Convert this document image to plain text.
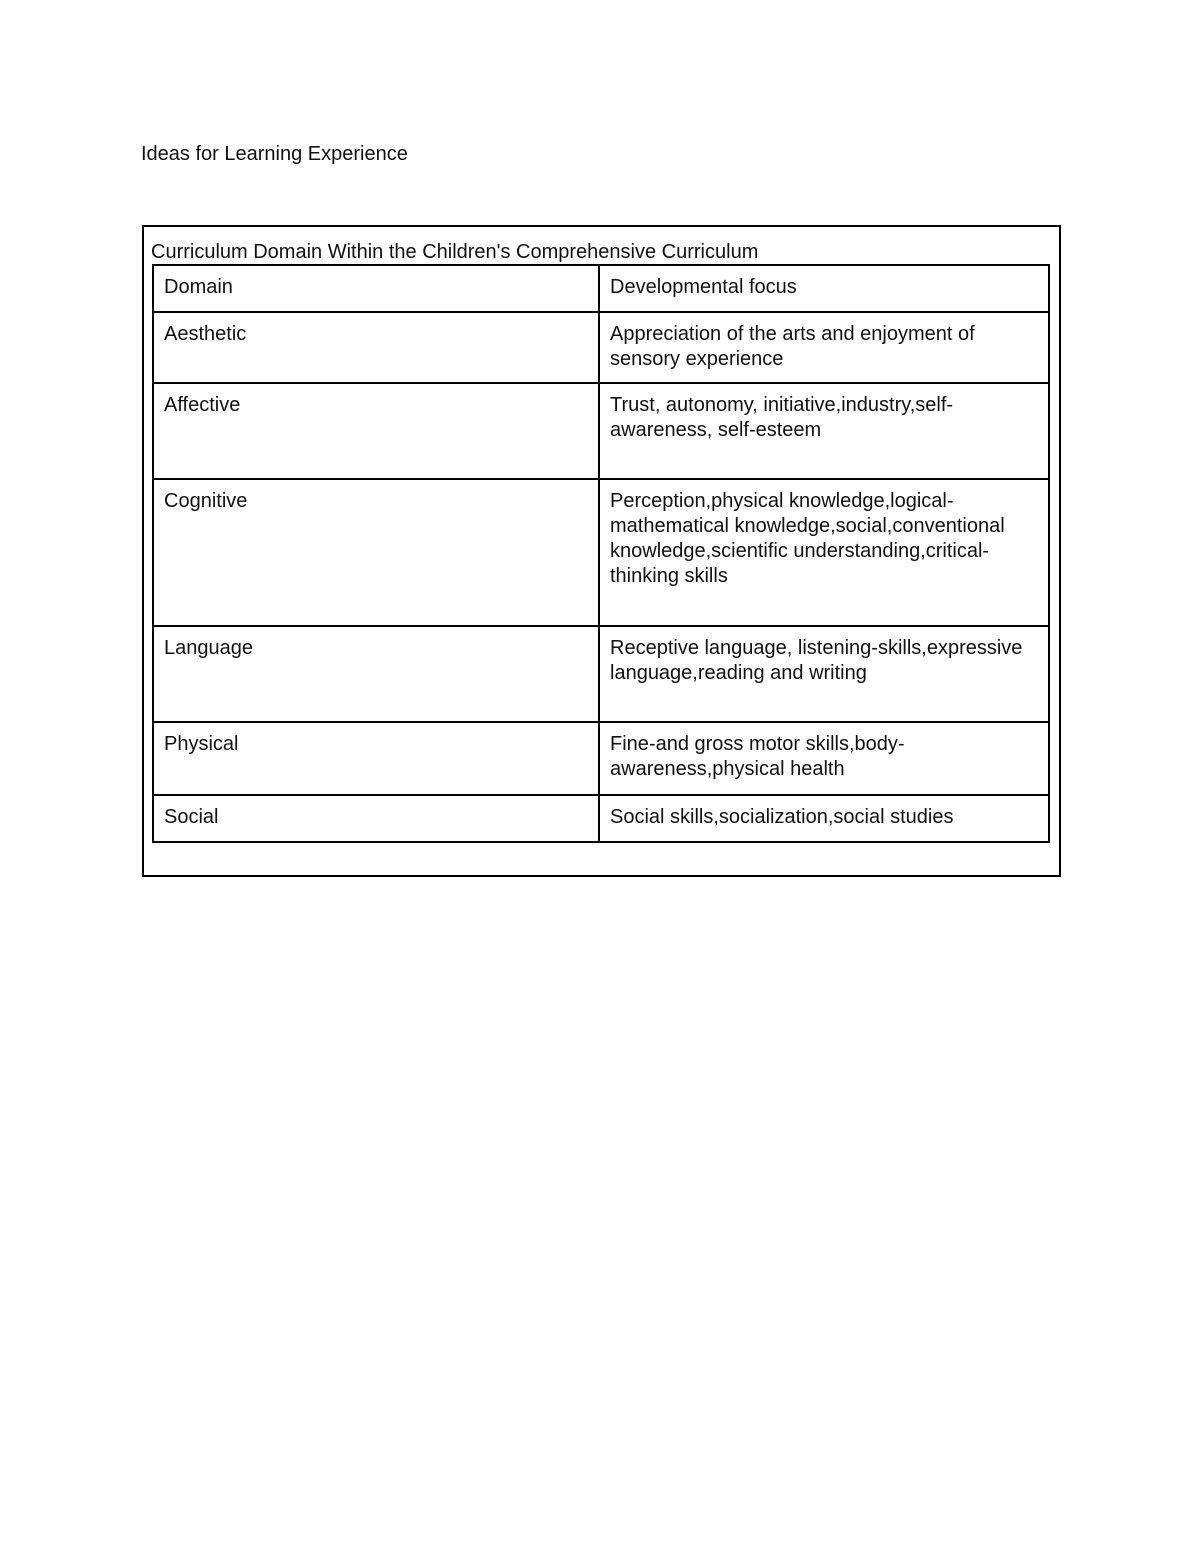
Ideas for Learning Experience
Curriculum Domain Within the Children's Comprehensive Curriculum
Domain	Developmental focus
Aesthetic	Appreciation of the arts and enjoyment of sensory experience
Affective	Trust, autonomy, initiative,industry,self-awareness, self-esteem
Cognitive	Perception,physical knowledge,logical-mathematical knowledge,social,conventional knowledge,scientific understanding,critical-thinking skills
Language	Receptive language, listening-skills,expressive language,reading and writing
Physical	Fine-and gross motor skills,body-awareness,physical health
Social	Social skills,socialization,social studies
